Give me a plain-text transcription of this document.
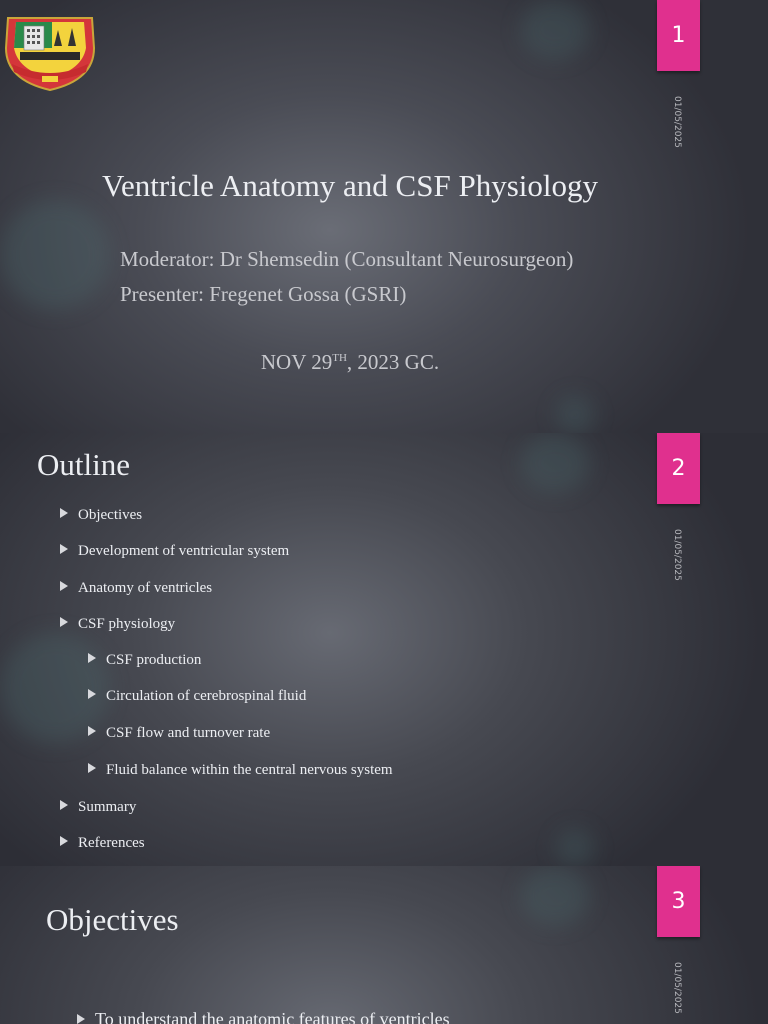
1
01/05/2025
Ventricle Anatomy and CSF Physiology
Moderator: Dr Shemsedin (Consultant Neurosurgeon)
Presenter: Fregenet Gossa (GSRI)
NOV 29TH, 2023 GC.
2
01/05/2025
Outline
Objectives
Development of ventricular system
Anatomy of ventricles
CSF physiology
CSF production
Circulation of cerebrospinal fluid
CSF flow and turnover rate
Fluid balance within the central nervous system
Summary
References
3
01/05/2025
Objectives
To understand the anatomic features of ventricles
